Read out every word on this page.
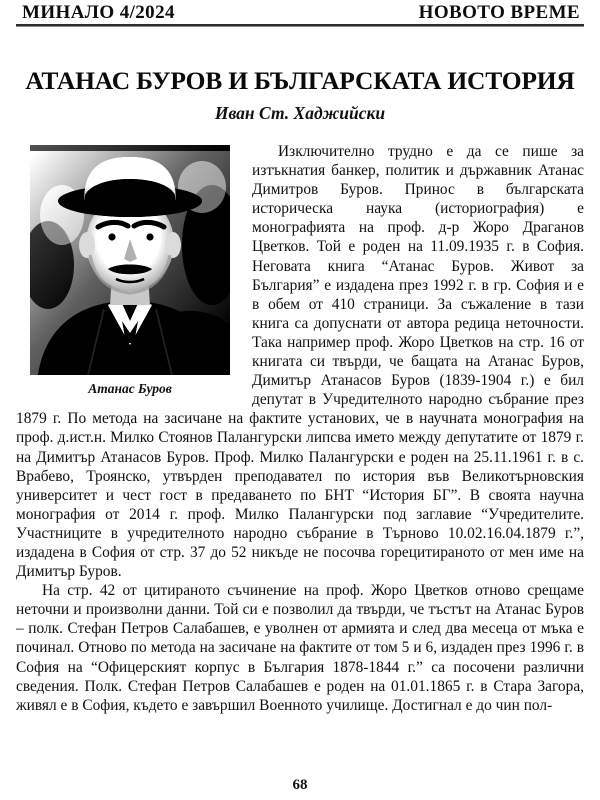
МИНАЛО 4/2024	НОВОТО ВРЕМЕ
АТАНАС БУРОВ И БЪЛГАРСКАТА ИСТОРИЯ
Иван Ст. Хаджийски
Атанас Буров

Изключително трудно е да се пише за изтъкнатия банкер, политик и държавник Атанас Димитров Буров. Принос в българската историческа наука (историография) е монографията на проф. д-р Жоро Драганов Цветков. Той е роден на 11.09.1935 г. в София. Неговата книга “Атанас Буров. Живот за България” е издадена през 1992 г. в гр. София и е в обем от 410 страници. За съжаление в тази книга са допуснати от автора редица неточности. Така например проф. Жоро Цветков на стр. 16 от книгата си твърди, че бащата на Атанас Буров, Димитър Атанасов Буров (1839-1904 г.) е бил депутат в Учредителното народно събрание през 1879 г. По метода на засичане на фактите установих, че в научната монография на проф. д.ист.н. Милко Стоянов Палангурски липсва името между депутатите от 1879 г. на Димитър Атанасов Буров. Проф. Милко Палангурски е роден на 25.11.1961 г. в с. Врабево, Троянско, утвърден преподавател по история във Великотърновския университет и чест гост в предаването по БНТ “История БГ”. В своята научна монография от 2014 г. проф. Милко Палангурски под заглавие “Учредителите. Участниците в учредителното народно събрание в Търново 10.02.16.04.1879 г.”, издадена в София от стр. 37 до 52 никъде не посочва горецитираното от мен име на Димитър Буров.

На стр. 42 от цитираното съчинение на проф. Жоро Цветков отново срещаме неточни и произволни данни. Той си е позволил да твърди, че тъстът на Атанас Буров – полк. Стефан Петров Салабашев, е уволнен от армията и след два месеца от мъка е починал. Отново по метода на засичане на фактите от том 5 и 6, издаден през 1996 г. в София на “Офицерският корпус в България 1878-1844 г.” са посочени различни сведения. Полк. Стефан Петров Салабашев е роден на 01.01.1865 г. в Стара Загора, живял е в София, където е завършил Военното училище. Достигнал е до чин пол-

68
